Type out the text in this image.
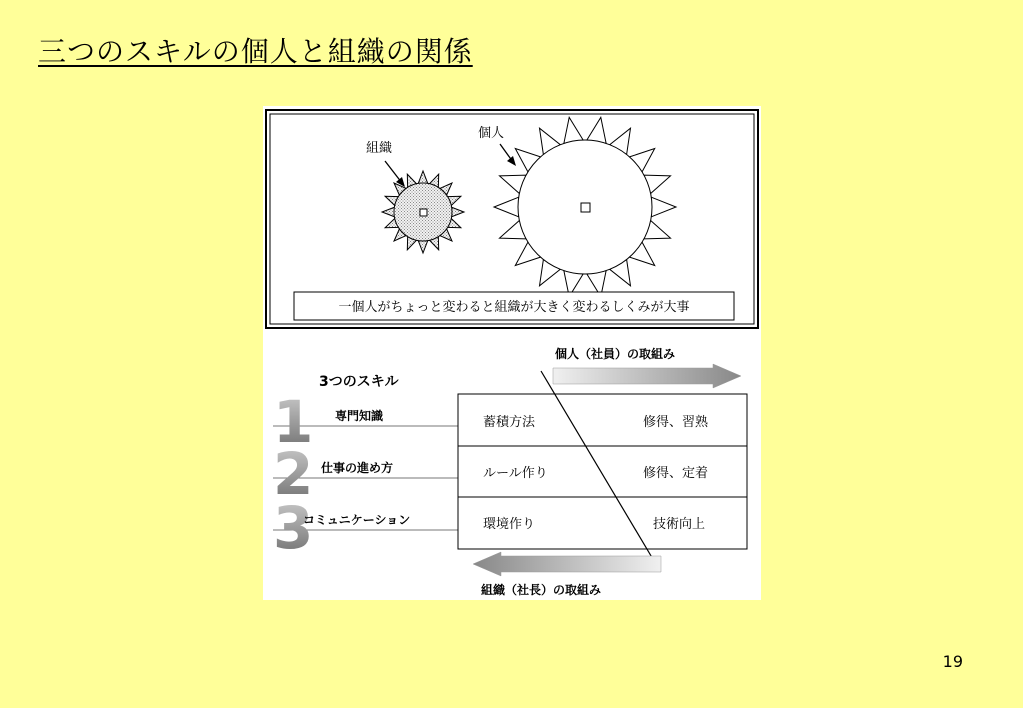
三つのスキルの個人と組織の関係
組織
個人
一個人がちょっと変わると組織が大きく変わるしくみが大事
個人（社員）の取組み
3つのスキル
1
2
3
専門知識
仕事の進め方
コミュニケーション
蓄積方法	修得、習熟
ルール作り	修得、定着
環境作り	技術向上
組織（社長）の取組み
19
